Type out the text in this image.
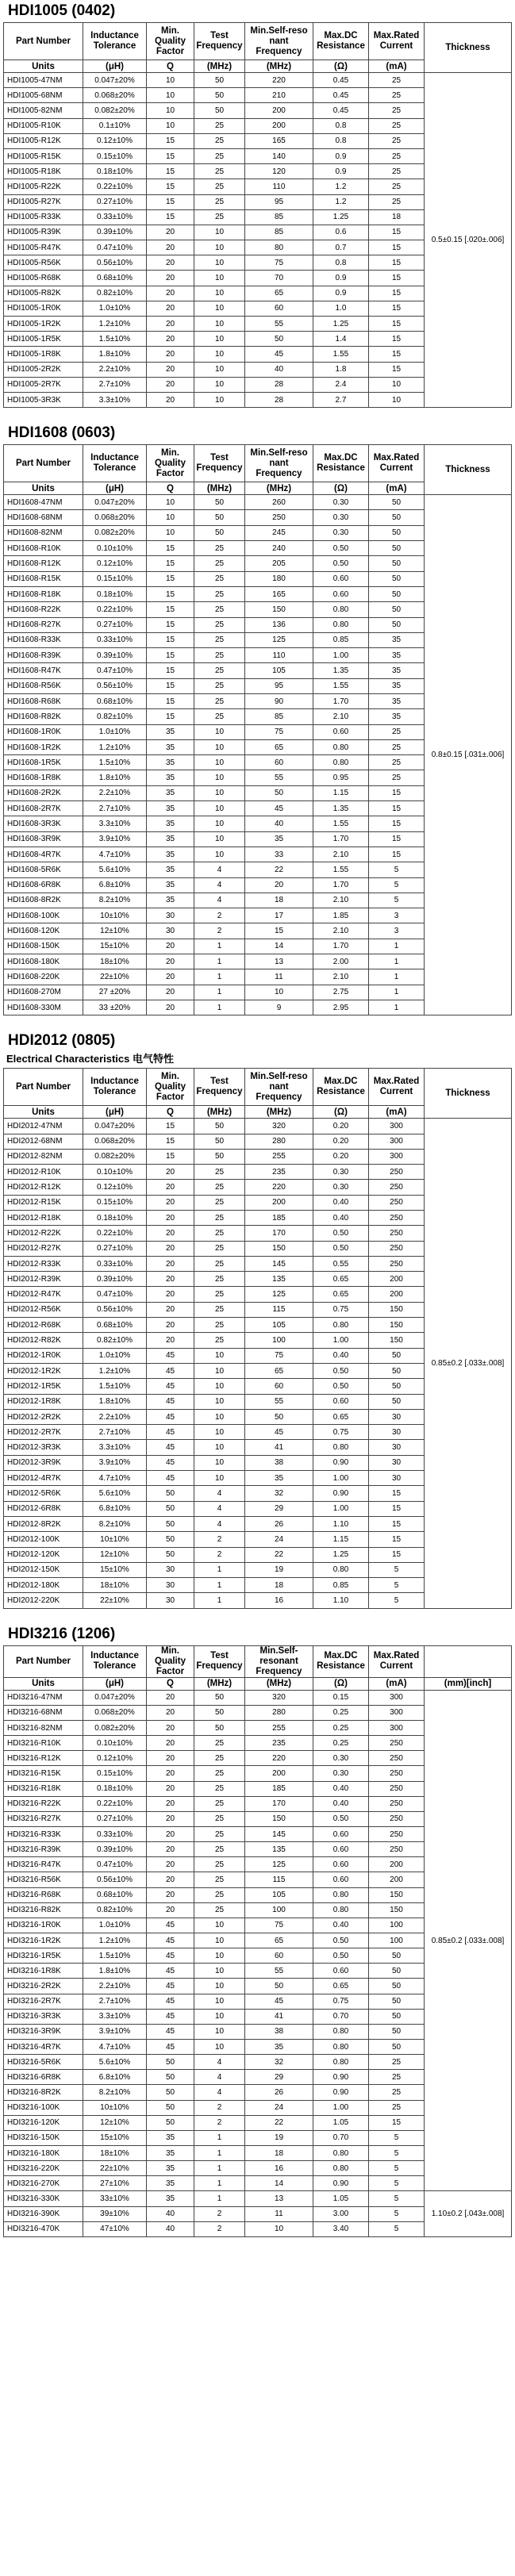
HDI1005 (0402)
Part Number	Inductance Tolerance	Min. Quality Factor	Test Frequency	Min.Self-reso nant Frequency	Max.DC Resistance	Max.Rated Current	Thickness
Units	(μH)	Q	(MHz)	(MHz)	(Ω)	(mA)	
HDI1005-47NM	0.047±20%	10	50	220	0.45	25	0.5±0.15 [.020±.006]
HDI1005-68NM	0.068±20%	10	50	210	0.45	25	
HDI1005-82NM	0.082±20%	10	50	200	0.45	25	
HDI1005-R10K	0.1±10%	10	25	200	0.8	25	
HDI1005-R12K	0.12±10%	15	25	165	0.8	25	
HDI1005-R15K	0.15±10%	15	25	140	0.9	25	
HDI1005-R18K	0.18±10%	15	25	120	0.9	25	
HDI1005-R22K	0.22±10%	15	25	110	1.2	25	
HDI1005-R27K	0.27±10%	15	25	95	1.2	25	
HDI1005-R33K	0.33±10%	15	25	85	1.25	18	
HDI1005-R39K	0.39±10%	20	10	85	0.6	15	
HDI1005-R47K	0.47±10%	20	10	80	0.7	15	
HDI1005-R56K	0.56±10%	20	10	75	0.8	15	
HDI1005-R68K	0.68±10%	20	10	70	0.9	15	
HDI1005-R82K	0.82±10%	20	10	65	0.9	15	
HDI1005-1R0K	1.0±10%	20	10	60	1.0	15	
HDI1005-1R2K	1.2±10%	20	10	55	1.25	15	
HDI1005-1R5K	1.5±10%	20	10	50	1.4	15	
HDI1005-1R8K	1.8±10%	20	10	45	1.55	15	
HDI1005-2R2K	2.2±10%	20	10	40	1.8	15	
HDI1005-2R7K	2.7±10%	20	10	28	2.4	10	
HDI1005-3R3K	3.3±10%	20	10	28	2.7	10	
HDI1608 (0603)
Part Number	Inductance Tolerance	Min. Quality Factor	Test Frequency	Min.Self-reso nant Frequency	Max.DC Resistance	Max.Rated Current	Thickness
Units	(μH)	Q	(MHz)	(MHz)	(Ω)	(mA)	
HDI1608-47NM	0.047±20%	10	50	260	0.30	50	0.8±0.15 [.031±.006]
HDI1608-68NM	0.068±20%	10	50	250	0.30	50	
HDI1608-82NM	0.082±20%	10	50	245	0.30	50	
HDI1608-R10K	0.10±10%	15	25	240	0.50	50	
HDI1608-R12K	0.12±10%	15	25	205	0.50	50	
HDI1608-R15K	0.15±10%	15	25	180	0.60	50	
HDI1608-R18K	0.18±10%	15	25	165	0.60	50	
HDI1608-R22K	0.22±10%	15	25	150	0.80	50	
HDI1608-R27K	0.27±10%	15	25	136	0.80	50	
HDI1608-R33K	0.33±10%	15	25	125	0.85	35	
HDI1608-R39K	0.39±10%	15	25	110	1.00	35	
HDI1608-R47K	0.47±10%	15	25	105	1.35	35	
HDI1608-R56K	0.56±10%	15	25	95	1.55	35	
HDI1608-R68K	0.68±10%	15	25	90	1.70	35	
HDI1608-R82K	0.82±10%	15	25	85	2.10	35	
HDI1608-1R0K	1.0±10%	35	10	75	0.60	25	
HDI1608-1R2K	1.2±10%	35	10	65	0.80	25	
HDI1608-1R5K	1.5±10%	35	10	60	0.80	25	
HDI1608-1R8K	1.8±10%	35	10	55	0.95	25	
HDI1608-2R2K	2.2±10%	35	10	50	1.15	15	
HDI1608-2R7K	2.7±10%	35	10	45	1.35	15	
HDI1608-3R3K	3.3±10%	35	10	40	1.55	15	
HDI1608-3R9K	3.9±10%	35	10	35	1.70	15	
HDI1608-4R7K	4.7±10%	35	10	33	2.10	15	
HDI1608-5R6K	5.6±10%	35	4	22	1.55	5	
HDI1608-6R8K	6.8±10%	35	4	20	1.70	5	
HDI1608-8R2K	8.2±10%	35	4	18	2.10	5	
HDI1608-100K	10±10%	30	2	17	1.85	3	
HDI1608-120K	12±10%	30	2	15	2.10	3	
HDI1608-150K	15±10%	20	1	14	1.70	1	
HDI1608-180K	18±10%	20	1	13	2.00	1	
HDI1608-220K	22±10%	20	1	11	2.10	1	
HDI1608-270M	27 ±20%	20	1	10	2.75	1	
HDI1608-330M	33 ±20%	20	1	9	2.95	1	
HDI2012 (0805)
Electrical Characteristics 电气特性
Part Number	Inductance Tolerance	Min. Quality Factor	Test Frequency	Min.Self-reso nant Frequency	Max.DC Resistance	Max.Rated Current	Thickness
Units	(μH)	Q	(MHz)	(MHz)	(Ω)	(mA)	
HDI2012-47NM	0.047±20%	15	50	320	0.20	300	0.85±0.2 [.033±.008]
HDI2012-68NM	0.068±20%	15	50	280	0.20	300	
HDI2012-82NM	0.082±20%	15	50	255	0.20	300	
HDI2012-R10K	0.10±10%	20	25	235	0.30	250	
HDI2012-R12K	0.12±10%	20	25	220	0.30	250	
HDI2012-R15K	0.15±10%	20	25	200	0.40	250	
HDI2012-R18K	0.18±10%	20	25	185	0.40	250	
HDI2012-R22K	0.22±10%	20	25	170	0.50	250	
HDI2012-R27K	0.27±10%	20	25	150	0.50	250	
HDI2012-R33K	0.33±10%	20	25	145	0.55	250	
HDI2012-R39K	0.39±10%	20	25	135	0.65	200	
HDI2012-R47K	0.47±10%	20	25	125	0.65	200	
HDI2012-R56K	0.56±10%	20	25	115	0.75	150	
HDI2012-R68K	0.68±10%	20	25	105	0.80	150	
HDI2012-R82K	0.82±10%	20	25	100	1.00	150	
HDI2012-1R0K	1.0±10%	45	10	75	0.40	50	
HDI2012-1R2K	1.2±10%	45	10	65	0.50	50	
HDI2012-1R5K	1.5±10%	45	10	60	0.50	50	
HDI2012-1R8K	1.8±10%	45	10	55	0.60	50	
HDI2012-2R2K	2.2±10%	45	10	50	0.65	30	
HDI2012-2R7K	2.7±10%	45	10	45	0.75	30	
HDI2012-3R3K	3.3±10%	45	10	41	0.80	30	
HDI2012-3R9K	3.9±10%	45	10	38	0.90	30	
HDI2012-4R7K	4.7±10%	45	10	35	1.00	30	
HDI2012-5R6K	5.6±10%	50	4	32	0.90	15	
HDI2012-6R8K	6.8±10%	50	4	29	1.00	15	
HDI2012-8R2K	8.2±10%	50	4	26	1.10	15	
HDI2012-100K	10±10%	50	2	24	1.15	15	
HDI2012-120K	12±10%	50	2	22	1.25	15	
HDI2012-150K	15±10%	30	1	19	0.80	5	
HDI2012-180K	18±10%	30	1	18	0.85	5	
HDI2012-220K	22±10%	30	1	16	1.10	5	
HDI3216 (1206)
Part Number	Inductance Tolerance	Min. Quality Factor	Test Frequency	Min.Self-resonant Frequency	Max.DC Resistance	Max.Rated Current	
Units	(μH)	Q	(MHz)	(MHz)	(Ω)	(mA)	(mm)[inch]
HDI3216-47NM	0.047±20%	20	50	320	0.15	300	0.85±0.2 [.033±.008]
HDI3216-68NM	0.068±20%	20	50	280	0.25	300	
HDI3216-82NM	0.082±20%	20	50	255	0.25	300	
HDI3216-R10K	0.10±10%	20	25	235	0.25	250	
HDI3216-R12K	0.12±10%	20	25	220	0.30	250	
HDI3216-R15K	0.15±10%	20	25	200	0.30	250	
HDI3216-R18K	0.18±10%	20	25	185	0.40	250	
HDI3216-R22K	0.22±10%	20	25	170	0.40	250	
HDI3216-R27K	0.27±10%	20	25	150	0.50	250	
HDI3216-R33K	0.33±10%	20	25	145	0.60	250	
HDI3216-R39K	0.39±10%	20	25	135	0.60	250	
HDI3216-R47K	0.47±10%	20	25	125	0.60	200	
HDI3216-R56K	0.56±10%	20	25	115	0.60	200	
HDI3216-R68K	0.68±10%	20	25	105	0.80	150	
HDI3216-R82K	0.82±10%	20	25	100	0.80	150	
HDI3216-1R0K	1.0±10%	45	10	75	0.40	100	
HDI3216-1R2K	1.2±10%	45	10	65	0.50	100	
HDI3216-1R5K	1.5±10%	45	10	60	0.50	50	
HDI3216-1R8K	1.8±10%	45	10	55	0.60	50	
HDI3216-2R2K	2.2±10%	45	10	50	0.65	50	
HDI3216-2R7K	2.7±10%	45	10	45	0.75	50	
HDI3216-3R3K	3.3±10%	45	10	41	0.70	50	
HDI3216-3R9K	3.9±10%	45	10	38	0.80	50	
HDI3216-4R7K	4.7±10%	45	10	35	0.80	50	
HDI3216-5R6K	5.6±10%	50	4	32	0.80	25	
HDI3216-6R8K	6.8±10%	50	4	29	0.90	25	
HDI3216-8R2K	8.2±10%	50	4	26	0.90	25	
HDI3216-100K	10±10%	50	2	24	1.00	25	
HDI3216-120K	12±10%	50	2	22	1.05	15	
HDI3216-150K	15±10%	35	1	19	0.70	5	
HDI3216-180K	18±10%	35	1	18	0.80	5	
HDI3216-220K	22±10%	35	1	16	0.80	5	
HDI3216-270K	27±10%	35	1	14	0.90	5	
HDI3216-330K	33±10%	35	1	13	1.05	5	1.10±0.2 [.043±.008]
HDI3216-390K	39±10%	40	2	11	3.00	5	
HDI3216-470K	47±10%	40	2	10	3.40	5	
